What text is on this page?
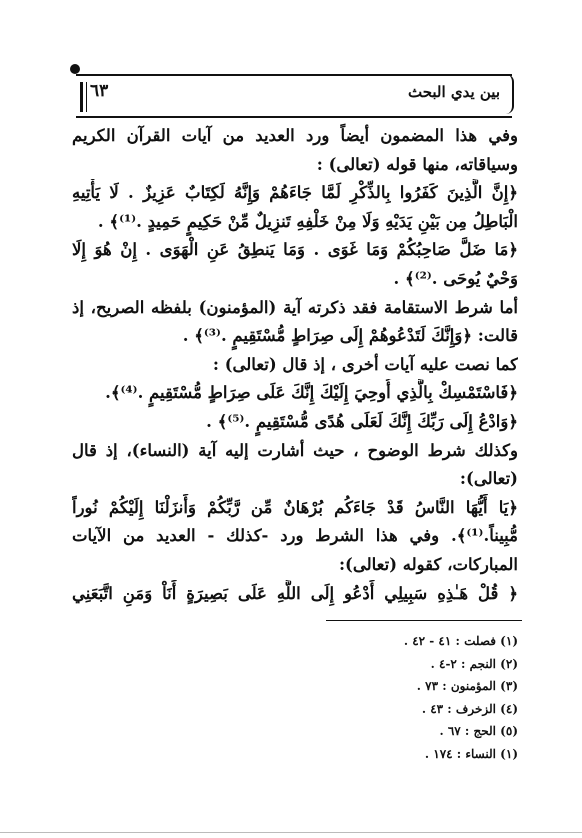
بين يدي البحث
٦٣
وفي هذا المضمون أيضاً ورد العديد من آيات القرآن الكريم
وسياقاته، منها قوله (تعالى) :
﴿إِنَّ الَّذِينَ كَفَرُوا بِالذِّكْرِ لَمَّا جَاءَهُمْ وَإِنَّهُ لَكِتَابٌ عَزِيزٌ . لَا يَأْتِيهِ
الْبَاطِلُ مِن بَيْنِ يَدَيْهِ وَلَا مِنْ خَلْفِهِ تَنزِيلٌ مِّنْ حَكِيمٍ حَمِيدٍ .⁽¹⁾﴾ .
﴿مَا ضَلَّ صَاحِبُكُمْ وَمَا غَوَى . وَمَا يَنطِقُ عَنِ الْهَوَى . إِنْ هُوَ إِلَا
وَحْيٌ يُوحَى .⁽²⁾﴾ .
أما شرط الاستقامة فقد ذكرته آية (المؤمنون) بلفظه الصريح، إذ
قالت: ﴿وَإِنَّكَ لَتَدْعُوهُمْ إِلَى صِرَاطٍ مُّسْتَقِيمٍ .⁽³⁾﴾ .
كما نصت عليه آيات أخرى ، إذ قال (تعالى) :
﴿فَاسْتَمْسِكْ بِالَّذِي أُوحِيَ إِلَيْكَ إِنَّكَ عَلَى صِرَاطٍ مُّسْتَقِيمٍ .⁽⁴⁾﴾.
﴿وَادْعُ إِلَى رَبِّكَ إِنَّكَ لَعَلَى هُدًى مُّسْتَقِيمٍ .⁽⁵⁾﴾ .
وكذلك شرط الوضوح ، حيث أشارت إليه آية (النساء)، إذ قال
(تعالى):
﴿يَا أَيُّهَا النَّاسُ قَدْ جَاءَكُم بُرْهَانٌ مِّن رَّبِّكُمْ وَأَنزَلْنَا إِلَيْكُمْ نُوراً
مُّبِيناً.⁽¹⁾﴾. وفي هذا الشرط ورد -كذلك - العديد من الآيات
المباركات، كقوله (تعالى):
﴿ قُلْ هَـٰذِهِ سَبِيلِي أَدْعُو إِلَى اللَّهِ عَلَى بَصِيرَةٍ أَنَاْ وَمَنِ اتَّبَعَنِي
(١) فصلت : ٤١ - ٤٢ .
(٢) النجم : ٢-٤ .
(٣) المؤمنون : ٧٣ .
(٤) الزخرف : ٤٣ .
(٥) الحج : ٦٧ .
(١) النساء : ١٧٤ .
